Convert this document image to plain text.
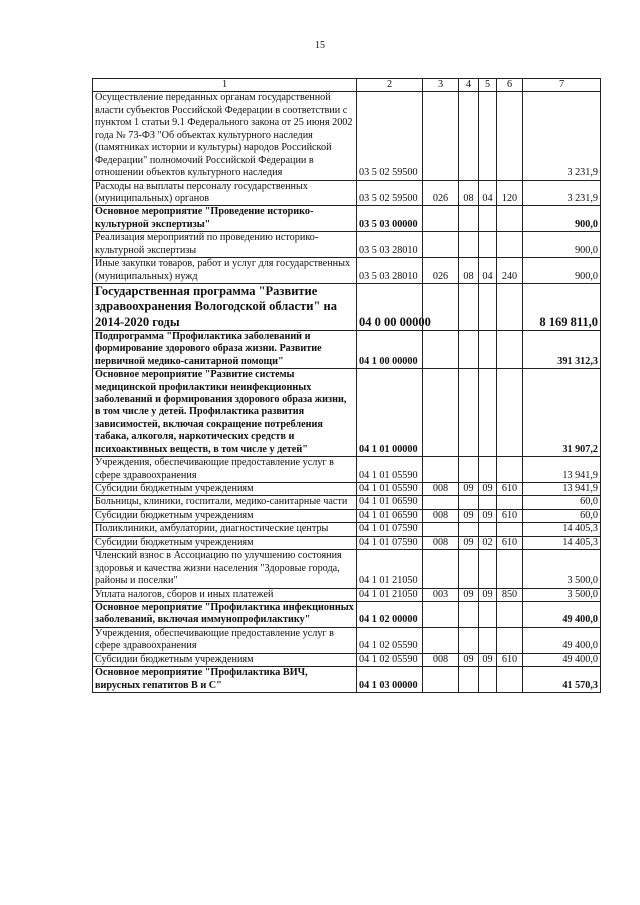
15
1	2	3	4	5	6	7
Осуществление переданных органам государственной власти субъектов Российской Федерации в соответствии с пунктом 1 статьи 9.1 Федерального закона от 25 июня 2002 года № 73-ФЗ "Об объектах культурного наследия (памятниках истории и культуры) народов Российской Федерации" полномочий Российской Федерации в отношении объектов культурного наследия	03 5 02 59500					3 231,9
Расходы на выплаты персоналу государственных (муниципальных) органов	03 5 02 59500	026	08	04	120	3 231,9
Основное мероприятие "Проведение историко-культурной экспертизы"	03 5 03 00000					900,0
Реализация мероприятий по проведению историко-культурной экспертизы	03 5 03 28010					900,0
Иные закупки товаров, работ и услуг для государственных (муниципальных) нужд	03 5 03 28010	026	08	04	240	900,0
Государственная программа "Развитие здравоохранения Вологодской области" на 2014-2020 годы	04 0 00 00000					8 169 811,0
Подпрограмма "Профилактика заболеваний и формирование здорового образа жизни. Развитие первичной медико-санитарной помощи"	04 1 00 00000					391 312,3
Основное мероприятие "Развитие системы медицинской профилактики неинфекционных заболеваний и формирования здорового образа жизни, в том числе у детей. Профилактика развития зависимостей, включая сокращение потребления табака, алкоголя, наркотических средств и психоактивных веществ, в том числе у детей"	04 1 01 00000					31 907,2
Учреждения, обеспечивающие предоставление услуг в сфере здравоохранения	04 1 01 05590					13 941,9
Субсидии бюджетным учреждениям	04 1 01 05590	008	09	09	610	13 941,9
Больницы, клиники, госпитали, медико-санитарные части	04 1 01 06590					60,0
Субсидии бюджетным учреждениям	04 1 01 06590	008	09	09	610	60,0
Поликлиники, амбулатории, диагностические центры	04 1 01 07590					14 405,3
Субсидии бюджетным учреждениям	04 1 01 07590	008	09	02	610	14 405,3
Членский взнос в Ассоциацию по улучшению состояния здоровья и качества жизни населения "Здоровые города, районы и поселки"	04 1 01 21050					3 500,0
Уплата налогов, сборов и иных платежей	04 1 01 21050	003	09	09	850	3 500,0
Основное мероприятие "Профилактика инфекционных заболеваний, включая иммунопрофилактику"	04 1 02 00000					49 400,0
Учреждения, обеспечивающие предоставление услуг в сфере здравоохранения	04 1 02 05590					49 400,0
Субсидии бюджетным учреждениям	04 1 02 05590	008	09	09	610	49 400,0
Основное мероприятие "Профилактика ВИЧ, вирусных гепатитов В и С"	04 1 03 00000					41 570,3
